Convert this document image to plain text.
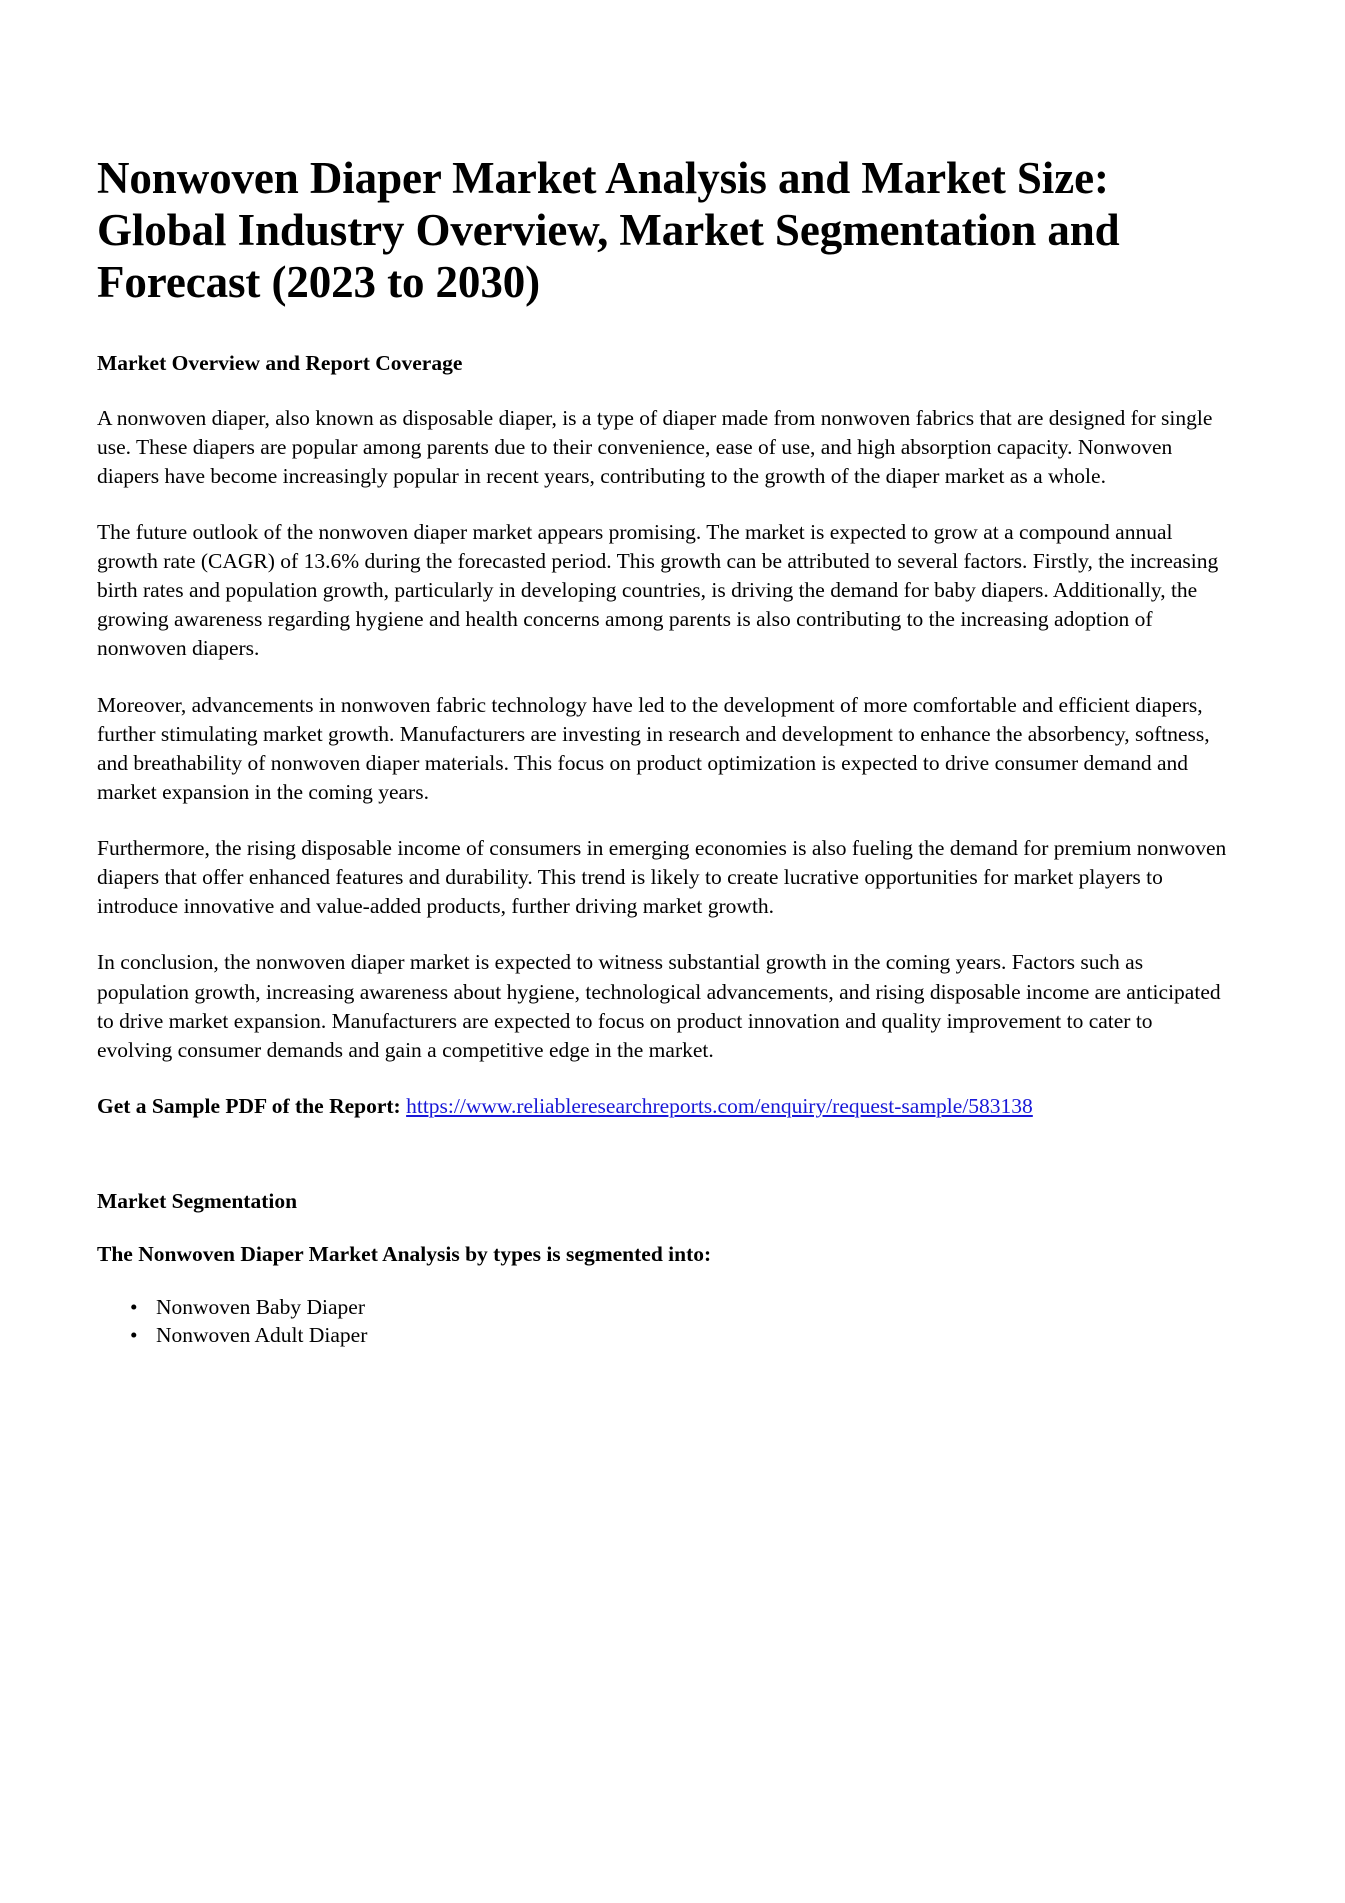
Nonwoven Diaper Market Analysis and Market Size: Global Industry Overview, Market Segmentation and Forecast (2023 to 2030)
Market Overview and Report Coverage

A nonwoven diaper, also known as disposable diaper, is a type of diaper made from nonwoven fabrics that are designed for single use. These diapers are popular among parents due to their convenience, ease of use, and high absorption capacity. Nonwoven diapers have become increasingly popular in recent years, contributing to the growth of the diaper market as a whole.

The future outlook of the nonwoven diaper market appears promising. The market is expected to grow at a compound annual growth rate (CAGR) of 13.6% during the forecasted period. This growth can be attributed to several factors. Firstly, the increasing birth rates and population growth, particularly in developing countries, is driving the demand for baby diapers. Additionally, the growing awareness regarding hygiene and health concerns among parents is also contributing to the increasing adoption of nonwoven diapers.

Moreover, advancements in nonwoven fabric technology have led to the development of more comfortable and efficient diapers, further stimulating market growth. Manufacturers are investing in research and development to enhance the absorbency, softness, and breathability of nonwoven diaper materials. This focus on product optimization is expected to drive consumer demand and market expansion in the coming years.

Furthermore, the rising disposable income of consumers in emerging economies is also fueling the demand for premium nonwoven diapers that offer enhanced features and durability. This trend is likely to create lucrative opportunities for market players to introduce innovative and value-added products, further driving market growth.

In conclusion, the nonwoven diaper market is expected to witness substantial growth in the coming years. Factors such as population growth, increasing awareness about hygiene, technological advancements, and rising disposable income are anticipated to drive market expansion. Manufacturers are expected to focus on product innovation and quality improvement to cater to evolving consumer demands and gain a competitive edge in the market.

Get a Sample PDF of the Report: https://www.reliableresearchreports.com/enquiry/request-sample/583138

Market Segmentation
The Nonwoven Diaper Market Analysis by types is segmented into:
• Nonwoven Baby Diaper
• Nonwoven Adult Diaper
